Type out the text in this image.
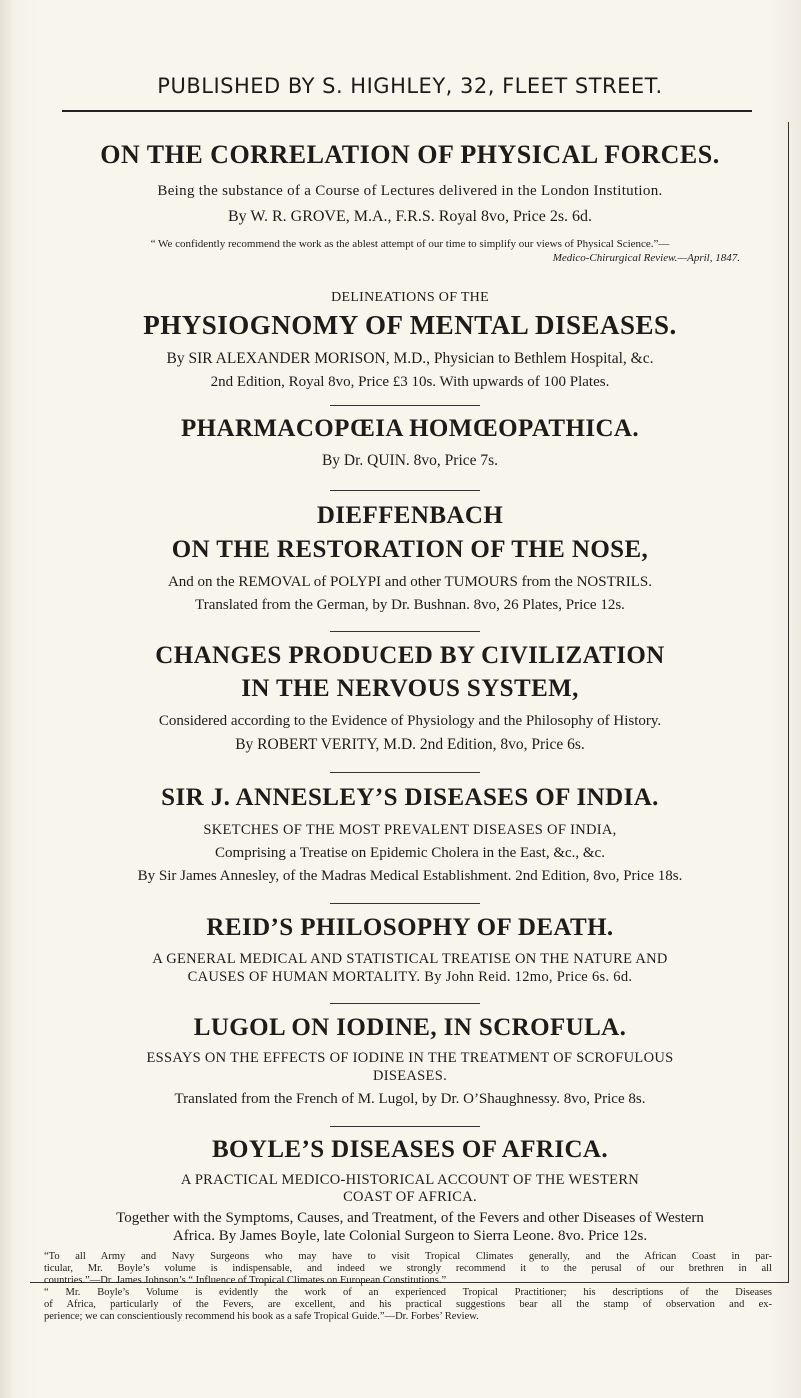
PUBLISHED BY S. HIGHLEY, 32, FLEET STREET.
ON THE CORRELATION OF PHYSICAL FORCES.
Being the substance of a Course of Lectures delivered in the London Institution.
By W. R. GROVE, M.A., F.R.S. Royal 8vo, Price 2s. 6d.
“ We confidently recommend the work as the ablest attempt of our time to simplify our views of Physical Science.”—
Medico-Chirurgical Review.—April, 1847.
DELINEATIONS OF THE
PHYSIOGNOMY OF MENTAL DISEASES.
By SIR ALEXANDER MORISON, M.D., Physician to Bethlem Hospital, &c.
2nd Edition, Royal 8vo, Price £3 10s. With upwards of 100 Plates.
PHARMACOPŒIA HOMŒOPATHICA.
By Dr. QUIN. 8vo, Price 7s.
DIEFFENBACH
ON THE RESTORATION OF THE NOSE,
And on the REMOVAL of POLYPI and other TUMOURS from the NOSTRILS.
Translated from the German, by Dr. Bushnan. 8vo, 26 Plates, Price 12s.
CHANGES PRODUCED BY CIVILIZATION
IN THE NERVOUS SYSTEM,
Considered according to the Evidence of Physiology and the Philosophy of History.
By ROBERT VERITY, M.D. 2nd Edition, 8vo, Price 6s.
SIR J. ANNESLEY’S DISEASES OF INDIA.
SKETCHES OF THE MOST PREVALENT DISEASES OF INDIA,
Comprising a Treatise on Epidemic Cholera in the East, &c., &c.
By Sir James Annesley, of the Madras Medical Establishment. 2nd Edition, 8vo, Price 18s.
REID’S PHILOSOPHY OF DEATH.
A GENERAL MEDICAL AND STATISTICAL TREATISE ON THE NATURE AND
CAUSES OF HUMAN MORTALITY. By John Reid. 12mo, Price 6s. 6d.
LUGOL ON IODINE, IN SCROFULA.
ESSAYS ON THE EFFECTS OF IODINE IN THE TREATMENT OF SCROFULOUS
DISEASES.
Translated from the French of M. Lugol, by Dr. O’Shaughnessy. 8vo, Price 8s.
BOYLE’S DISEASES OF AFRICA.
A PRACTICAL MEDICO-HISTORICAL ACCOUNT OF THE WESTERN
COAST OF AFRICA.
Together with the Symptoms, Causes, and Treatment, of the Fevers and other Diseases of Western
Africa. By James Boyle, late Colonial Surgeon to Sierra Leone. 8vo. Price 12s.
“To all Army and Navy Surgeons who may have to visit Tropical Climates generally, and the African Coast in par-
ticular, Mr. Boyle’s volume is indispensable, and indeed we strongly recommend it to the perusal of our brethren in all
countries.”—Dr. James Johnson’s “ Influence of Tropical Climates on European Constitutions.”
“ Mr. Boyle’s Volume is evidently the work of an experienced Tropical Practitioner; his descriptions of the Diseases
of Africa, particularly of the Fevers, are excellent, and his practical suggestions bear all the stamp of observation and ex-
perience; we can conscientiously recommend his book as a safe Tropical Guide.”—Dr. Forbes’ Review.
